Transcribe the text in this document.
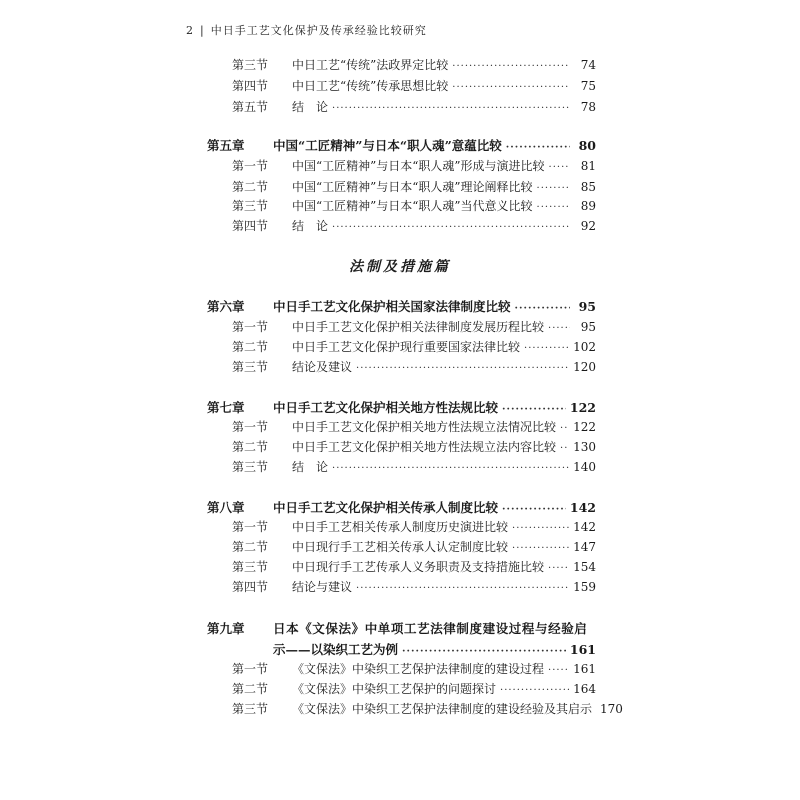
2 | 中日手工艺文化保护及传承经验比较研究
第三节	中日工艺“传统”法政界定比较 ·····	74
第四节	中日工艺“传统”传承思想比较 ·····	75
第五节	结　论 ·····	78
第五章	中国“工匠精神”与日本“职人魂”意蕴比较 ·····	80
第一节	中国“工匠精神”与日本“职人魂”形成与演进比较 ·····	81
第二节	中国“工匠精神”与日本“职人魂”理论阐释比较 ·····	85
第三节	中国“工匠精神”与日本“职人魂”当代意义比较 ·····	89
第四节	结　论 ·····	92
法制及措施篇
第六章	中日手工艺文化保护相关国家法律制度比较 ·····	95
第一节	中日手工艺文化保护相关法律制度发展历程比较 ·····	95
第二节	中日手工艺文化保护现行重要国家法律比较 ·····	102
第三节	结论及建议 ·····	120
第七章	中日手工艺文化保护相关地方性法规比较 ·····	122
第一节	中日手工艺文化保护相关地方性法规立法情况比较 ····· 122
第二节	中日手工艺文化保护相关地方性法规立法内容比较 ····· 130
第三节	结　论 ·····	140
第八章	中日手工艺文化保护相关传承人制度比较 ·····	142
第一节	中日手工艺相关传承人制度历史演进比较 ·····	142
第二节	中日现行手工艺相关传承人认定制度比较 ·····	147
第三节	中日现行手工艺传承人义务职责及支持措施比较 ····· 154
第四节	结论与建议 ·····	159
第九章 日本《文保法》中单项工艺法律制度建设过程与经验启
示——以染织工艺为例 ·····	161
第一节	《文保法》中染织工艺保护法律制度的建设过程 ····· 161
第二节	《文保法》中染织工艺保护的问题探讨 ·····	164
第三节	《文保法》中染织工艺保护法律制度的建设经验及其启示 170
